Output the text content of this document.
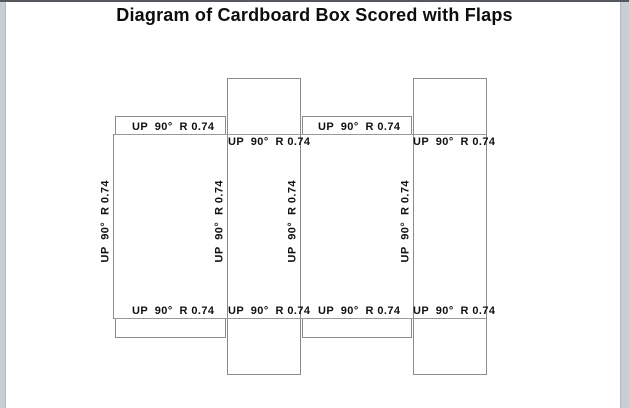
Diagram of Cardboard Box Scored with Flaps
UP  90°  R 0.74
UP  90°  R 0.74
UP  90°  R 0.74
UP  90°  R 0.74
UP  90°  R 0.74 UP  90°  R 0.74 UP  90°  R 0.74 UP  90°  R 0.74
UP  90°  R 0.74	UP  90°  R 0.74	UP  90°  R 0.74	UP  90°  R 0.74
